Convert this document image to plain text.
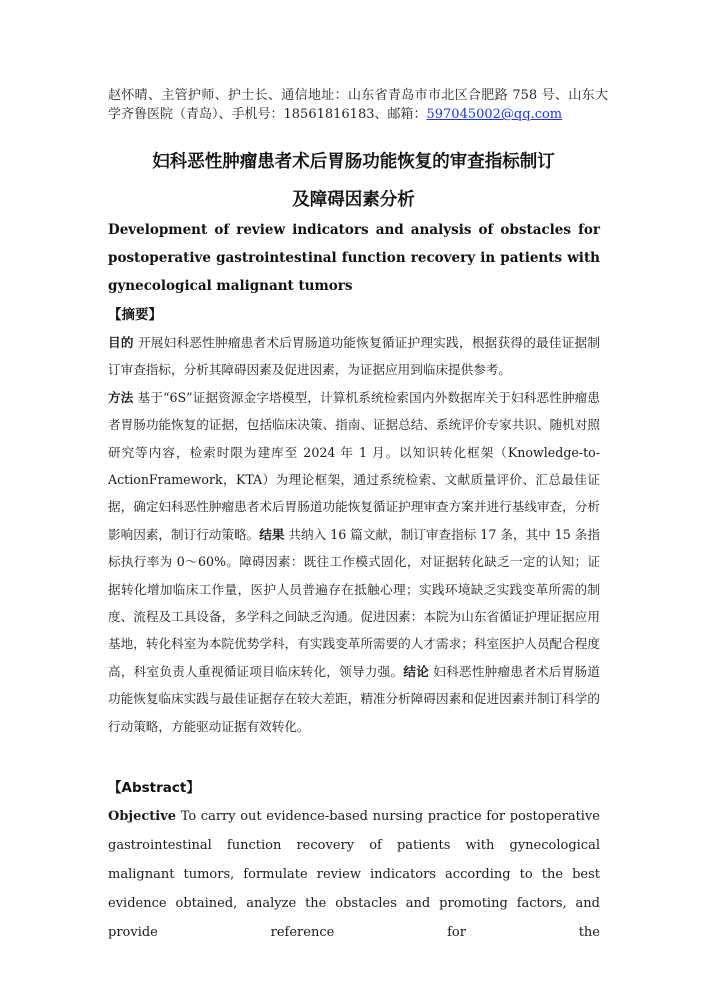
赵怀晴、主管护师、护士长、通信地址：山东省青岛市市北区合肥路 758 号、山东大学齐鲁医院（青岛）、手机号：18561816183、邮箱：597045002@qq.com
妇科恶性肿瘤患者术后胃肠功能恢复的审查指标制订
及障碍因素分析
Development of review indicators and analysis of obstacles for
postoperative gastrointestinal function recovery in patients with
gynecological malignant tumors
【摘要】

目的 开展妇科恶性肿瘤患者术后胃肠道功能恢复循证护理实践，根据获得的最佳证据制订审查指标，分析其障碍因素及促进因素，为证据应用到临床提供参考。
方法 基于“6S”证据资源金字塔模型，计算机系统检索国内外数据库关于妇科恶性肿瘤患者胃肠功能恢复的证据，包括临床决策、指南、证据总结、系统评价专家共识、随机对照研究等内容，检索时限为建库至 2024 年 1 月。以知识转化框架（Knowledge-to-ActionFramework，KTA）为理论框架，通过系统检索、文献质量评价、汇总最佳证据，确定妇科恶性肿瘤患者术后胃肠道功能恢复循证护理审查方案并进行基线审查，分析影响因素，制订行动策略。结果 共纳入 16 篇文献，制订审查指标 17 条，其中 15 条指标执行率为 0～60%。障碍因素：既往工作模式固化，对证据转化缺乏一定的认知；证据转化增加临床工作量，医护人员普遍存在抵触心理；实践环境缺乏实践变革所需的制度、流程及工具设备，多学科之间缺乏沟通。促进因素：本院为山东省循证护理证据应用基地，转化科室为本院优势学科，有实践变革所需要的人才需求；科室医护人员配合程度高，科室负责人重视循证项目临床转化，领导力强。结论 妇科恶性肿瘤患者术后胃肠道功能恢复临床实践与最佳证据存在较大差距，精准分析障碍因素和促进因素并制订科学的行动策略，方能驱动证据有效转化。

【Abstract】
Objective To carry out evidence-based nursing practice for postoperative gastrointestinal function recovery of patients with gynecological malignant tumors, formulate review indicators according to the best evidence obtained, analyze the obstacles and promoting factors, and provide reference for the
